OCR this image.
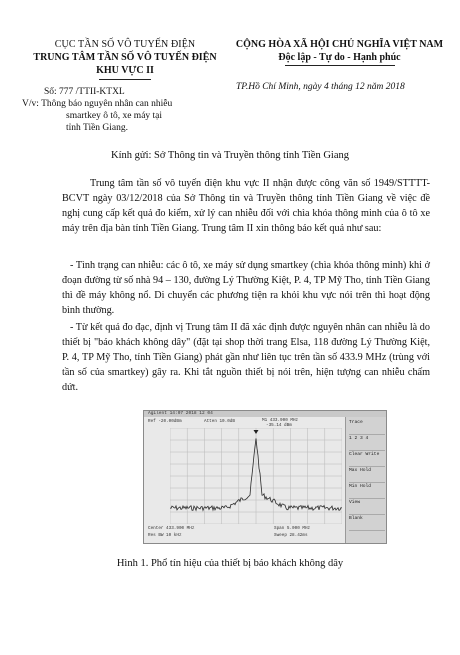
CỤC TẦN SỐ VÔ TUYẾN ĐIỆN
TRUNG TÂM TẦN SỐ VÔ TUYẾN ĐIỆN
KHU VỰC II
CỘNG HÒA XÃ HỘI CHỦ NGHĨA VIỆT NAM
Độc lập - Tự do - Hạnh phúc
Số: 777 /TTII-KTXL
V/v: Thông báo nguyên nhân can nhiễu

smartkey ô tô, xe máy tại
tỉnh Tiền Giang.
TP.Hồ Chí Minh, ngày 4 tháng 12 năm 2018
Kính gửi: Sở Thông tin và Truyền thông tỉnh Tiền Giang
Trung tâm tần số vô tuyến điện khu vực II nhận được công văn số 1949/STTTT-BCVT ngày 03/12/2018 của Sở Thông tin và Truyền thông tỉnh Tiền Giang về việc đề nghị cung cấp kết quả đo kiểm, xử lý can nhiễu đối với chìa khóa thông minh của ô tô xe máy trên địa bàn tỉnh Tiền Giang. Trung tâm II xin thông báo kết quả như sau:
- Tình trạng can nhiễu: các ô tô, xe máy sử dụng smartkey (chìa khóa thông minh) khi ở đoạn đường từ số nhà 94 – 130, đường Lý Thường Kiệt, P. 4, TP Mỹ Tho, tỉnh Tiền Giang thì đề máy không nổ. Di chuyển các phương tiện ra khỏi khu vực nói trên thì hoạt động bình thường.
- Từ kết quả đo đạc, định vị Trung tâm II đã xác định được nguyên nhân can nhiễu là do thiết bị "báo khách không dây" (đặt tại shop thời trang Elsa, 118 đường Lý Thường Kiệt, P. 4, TP Mỹ Tho, tỉnh Tiền Giang) phát gần như liên tục trên tần số 433.9 MHz (trùng với tần số của smartkey) gây ra. Khi tắt nguồn thiết bị nói trên, hiện tượng can nhiễu chấm dứt.
Agilent 14:07 2018 12 04
Ref -20.00dBm	Atten 10.0dB	M1 433.900 MHz
-35.14 dBm
Center 433.900 MHz	Span 5.000 MHz
Res BW 10 kHz	Sweep 28.42ms
Trace
1 2 3 4
Clear Write
Max Hold
Min Hold
View
Blank
Hình 1. Phổ tín hiệu của thiết bị báo khách không dây
